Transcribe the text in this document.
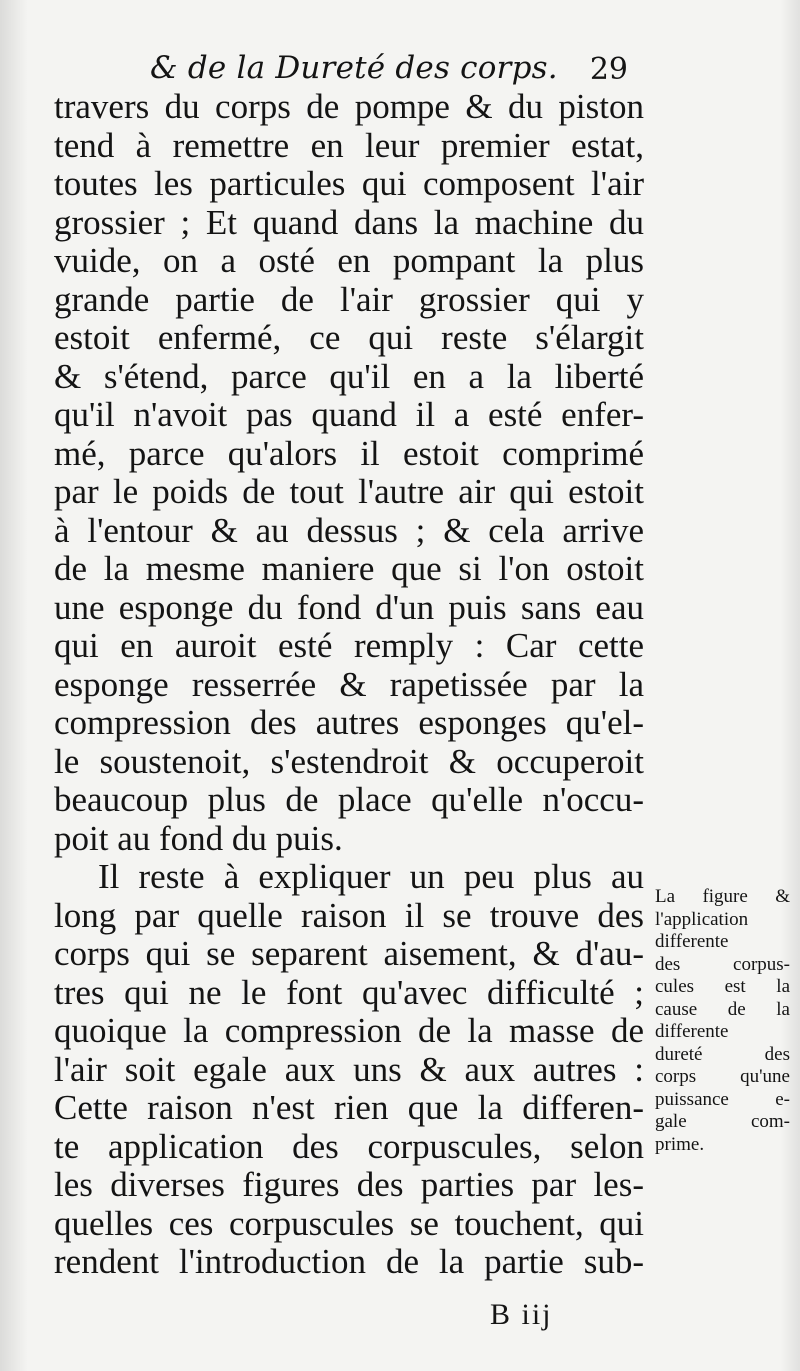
& de la Dureté des corps. 29
travers du corps de pompe & du piston
tend à remettre en leur premier estat,
toutes les particules qui composent l'air
grossier ; Et quand dans la machine du
vuide, on a osté en pompant la plus
grande partie de l'air grossier qui y
estoit enfermé, ce qui reste s'élargit
& s'étend, parce qu'il en a la liberté
qu'il n'avoit pas quand il a esté enfer-
mé, parce qu'alors il estoit comprimé
par le poids de tout l'autre air qui estoit
à l'entour & au dessus ; & cela arrive
de la mesme maniere que si l'on ostoit
une esponge du fond d'un puis sans eau
qui en auroit esté remply : Car cette
esponge resserrée & rapetissée par la
compression des autres esponges qu'el-
le soustenoit, s'estendroit & occuperoit
beaucoup plus de place qu'elle n'occu-
poit au fond du puis.
Il reste à expliquer un peu plus au
long par quelle raison il se trouve des
corps qui se separent aisement, & d'au-
tres qui ne le font qu'avec difficulté ;
quoique la compression de la masse de
l'air soit egale aux uns & aux autres :
Cette raison n'est rien que la differen-
te application des corpuscules, selon
les diverses figures des parties par les-
quelles ces corpuscules se touchent, qui
rendent l'introduction de la partie sub-
La figure &
l'application
differente
des corpus-
cules est la
cause de la
differente
dureté des
corps qu'une
puissance e-
gale com-
prime.
B iij
